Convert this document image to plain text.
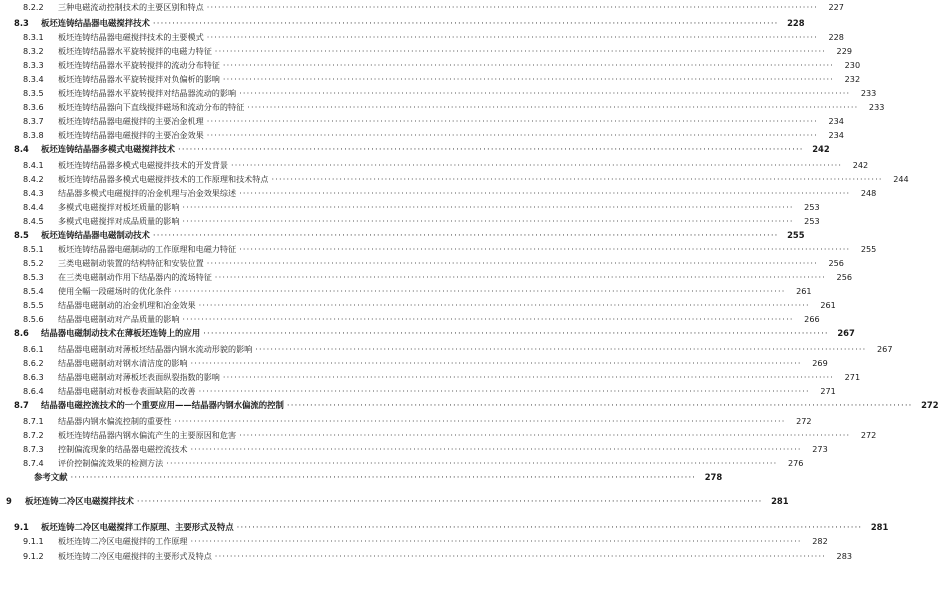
8.2.2	三种电磁流动控制技术的主要区别和特点 ·····	227
8.3	板坯连铸结晶器电磁搅拌技术 ·····	228
8.3.1	板坯连铸结晶器电磁搅拌技术的主要模式 ·····	228
8.3.2	板坯连铸结晶器水平旋转搅拌的电磁力特征 ·····	229
8.3.3	板坯连铸结晶器水平旋转搅拌的流动分布特征 ·····	230
8.3.4	板坯连铸结晶器水平旋转搅拌对负偏析的影响 ·····	232
8.3.5	板坯连铸结晶器水平旋转搅拌对结晶器流动的影响 ·····	233
8.3.6	板坯连铸结晶器向下直线搅拌磁场和流动分布的特征 ·····	233
8.3.7	板坯连铸结晶器电磁搅拌的主要冶金机理 ·····	234
8.3.8	板坯连铸结晶器电磁搅拌的主要冶金效果 ·····	234
8.4	板坯连铸结晶器多模式电磁搅拌技术 ·····	242
8.4.1	板坯连铸结晶器多模式电磁搅拌技术的开发背景 ·····	242
8.4.2	板坯连铸结晶器多模式电磁搅拌技术的工作原理和技术特点 ·····	244
8.4.3	结晶器多模式电磁搅拌的冶金机理与冶金效果综述 ·····	248
8.4.4	多模式电磁搅拌对板坯质量的影响 ·····	253
8.4.5	多模式电磁搅拌对成品质量的影响 ·····	253
8.5	板坯连铸结晶器电磁制动技术 ·····	255
8.5.1	板坯连铸结晶器电磁制动的工作原理和电磁力特征 ·····	255
8.5.2	三类电磁制动装置的结构特征和安装位置 ·····	256
8.5.3	在三类电磁制动作用下结晶器内的流场特征 ·····	256
8.5.4	使用全幅一段磁场时的优化条件 ·····	261
8.5.5	结晶器电磁制动的冶金机理和冶金效果 ·····	261
8.5.6	结晶器电磁制动对产品质量的影响 ·····	266
8.6	结晶器电磁制动技术在薄板坯连铸上的应用 ·····	267
8.6.1	结晶器电磁制动对薄板坯结晶器内钢水流动形貌的影响 ·····	267
8.6.2	结晶器电磁制动对钢水清洁度的影响 ·····	269
8.6.3	结晶器电磁制动对薄板坯表面纵裂指数的影响 ·····	271
8.6.4	结晶器电磁制动对板卷表面缺陷的改善 ·····	271
8.7	结晶器电磁控流技术的一个重要应用——结晶器内钢水偏流的控制 ·····	272
8.7.1	结晶器内钢水偏流控制的重要性 ·····	272
8.7.2	板坯连铸结晶器内钢水偏流产生的主要原因和危害 ·····	272
8.7.3	控制偏流现象的结晶器电磁控流技术 ·····	273
8.7.4	评价控制偏流效果的检测方法 ·····	276
参考文献 ·····	278
9	板坯连铸二冷区电磁搅拌技术 ·····	281
9.1	板坯连铸二冷区电磁搅拌工作原理、主要形式及特点 ·····	281
9.1.1	板坯连铸二冷区电磁搅拌的工作原理 ·····	282
9.1.2	板坯连铸二冷区电磁搅拌的主要形式及特点 ·····	283
